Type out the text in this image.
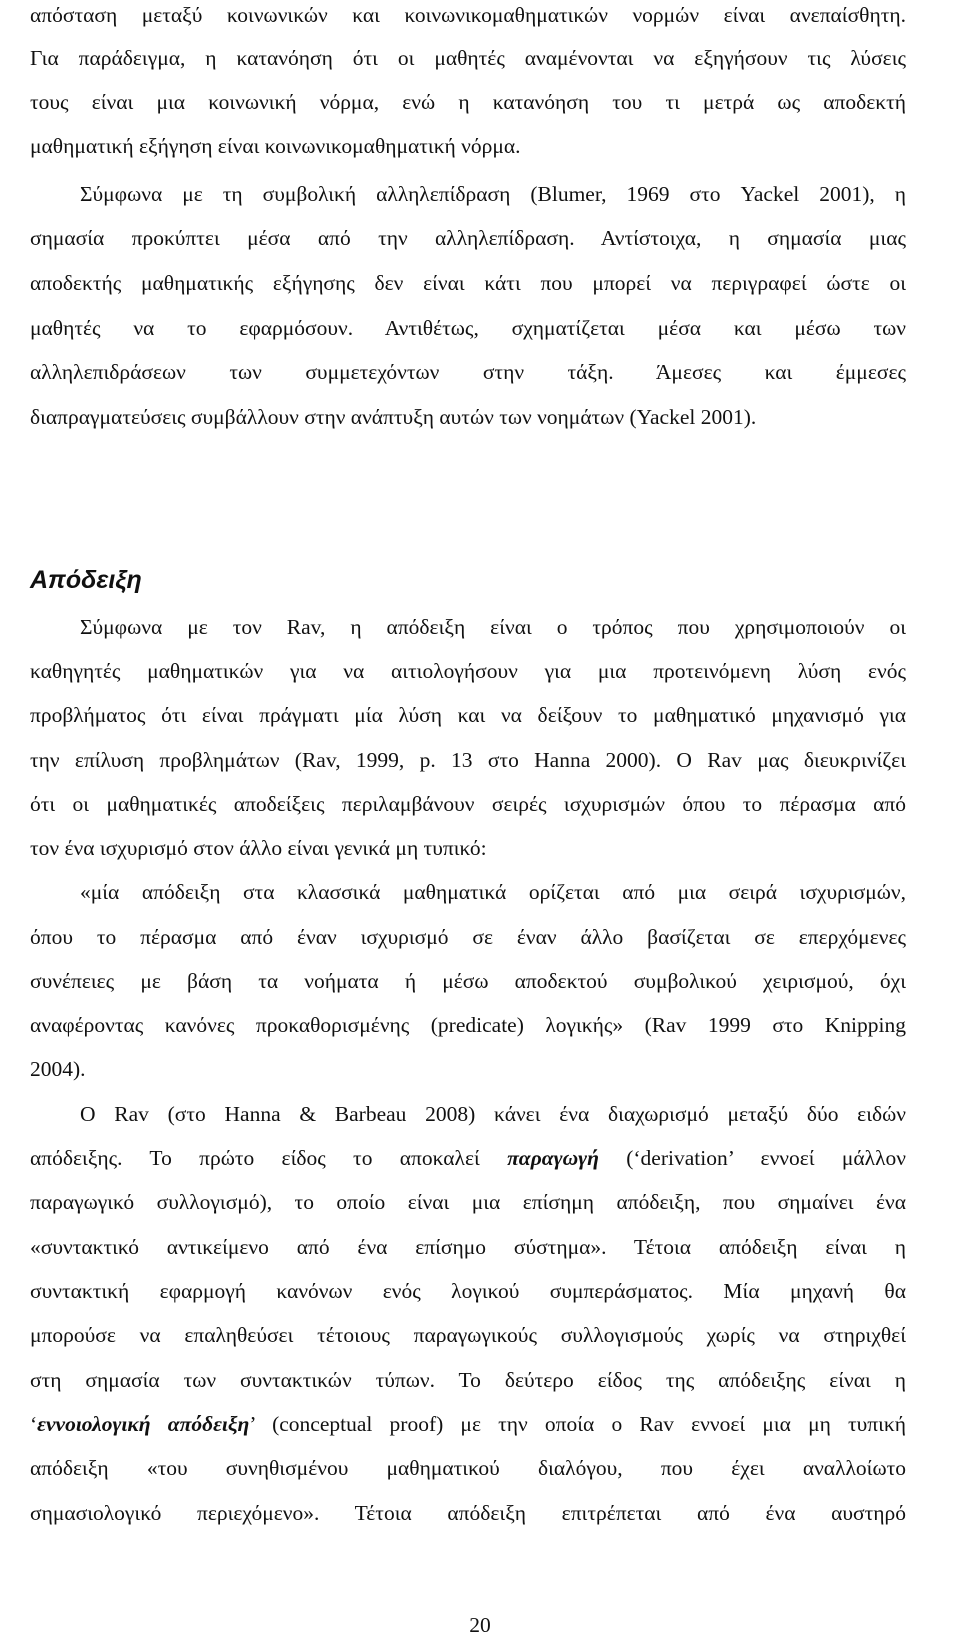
απόσταση μεταξύ κοινωνικών και κοινωνικομαθηματικών νορμών είναι ανεπαίσθητη.
Για παράδειγμα, η κατανόηση ότι οι μαθητές αναμένονται να εξηγήσουν τις λύσεις
τους είναι μια κοινωνική νόρμα, ενώ η κατανόηση του τι μετρά ως αποδεκτή
μαθηματική εξήγηση είναι κοινωνικομαθηματική νόρμα.
Σύμφωνα με τη συμβολική αλληλεπίδραση (Blumer, 1969 στο Yackel 2001), η
σημασία προκύπτει μέσα από την αλληλεπίδραση. Αντίστοιχα, η σημασία μιας
αποδεκτής μαθηματικής εξήγησης δεν είναι κάτι που μπορεί να περιγραφεί ώστε οι
μαθητές να το εφαρμόσουν. Αντιθέτως, σχηματίζεται μέσα και μέσω των
αλληλεπιδράσεων των συμμετεχόντων στην τάξη. Άμεσες και έμμεσες
διαπραγματεύσεις συμβάλλουν στην ανάπτυξη αυτών των νοημάτων (Yackel 2001).
Απόδειξη
Σύμφωνα με τον Rav, η απόδειξη είναι ο τρόπος που χρησιμοποιούν οι
καθηγητές μαθηματικών για να αιτιολογήσουν για μια προτεινόμενη λύση ενός
προβλήματος ότι είναι πράγματι μία λύση και να δείξουν το μαθηματικό μηχανισμό για
την επίλυση προβλημάτων (Rav, 1999, p. 13 στο Hanna 2000). Ο Rav μας διευκρινίζει
ότι οι μαθηματικές αποδείξεις περιλαμβάνουν σειρές ισχυρισμών όπου το πέρασμα από
τον ένα ισχυρισμό στον άλλο είναι γενικά μη τυπικό:
«μία απόδειξη στα κλασσικά μαθηματικά ορίζεται από μια σειρά ισχυρισμών,
όπου το πέρασμα από έναν ισχυρισμό σε έναν άλλο βασίζεται σε επερχόμενες
συνέπειες με βάση τα νοήματα ή μέσω αποδεκτού συμβολικού χειρισμού, όχι
αναφέροντας κανόνες προκαθορισμένης (predicate) λογικής» (Rav 1999 στο Knipping
2004).
Ο Rav (στο Hanna & Barbeau 2008) κάνει ένα διαχωρισμό μεταξύ δύο ειδών
απόδειξης. Το πρώτο είδος το αποκαλεί παραγωγή (‘derivation’ εννοεί μάλλον
παραγωγικό συλλογισμό), το οποίο είναι μια επίσημη απόδειξη, που σημαίνει ένα
«συντακτικό αντικείμενο από ένα επίσημο σύστημα». Τέτοια απόδειξη είναι η
συντακτική εφαρμογή κανόνων ενός λογικού συμπεράσματος. Μία μηχανή θα
μπορούσε να επαληθεύσει τέτοιους παραγωγικούς συλλογισμούς χωρίς να στηριχθεί
στη σημασία των συντακτικών τύπων. Το δεύτερο είδος της απόδειξης είναι η
‘εννοιολογική απόδειξη’ (conceptual proof) με την οποία ο Rav εννοεί μια μη τυπική
απόδειξη «του συνηθισμένου μαθηματικού διαλόγου, που έχει αναλλοίωτο
σημασιολογικό περιεχόμενο». Τέτοια απόδειξη επιτρέπεται από ένα αυστηρό
20
